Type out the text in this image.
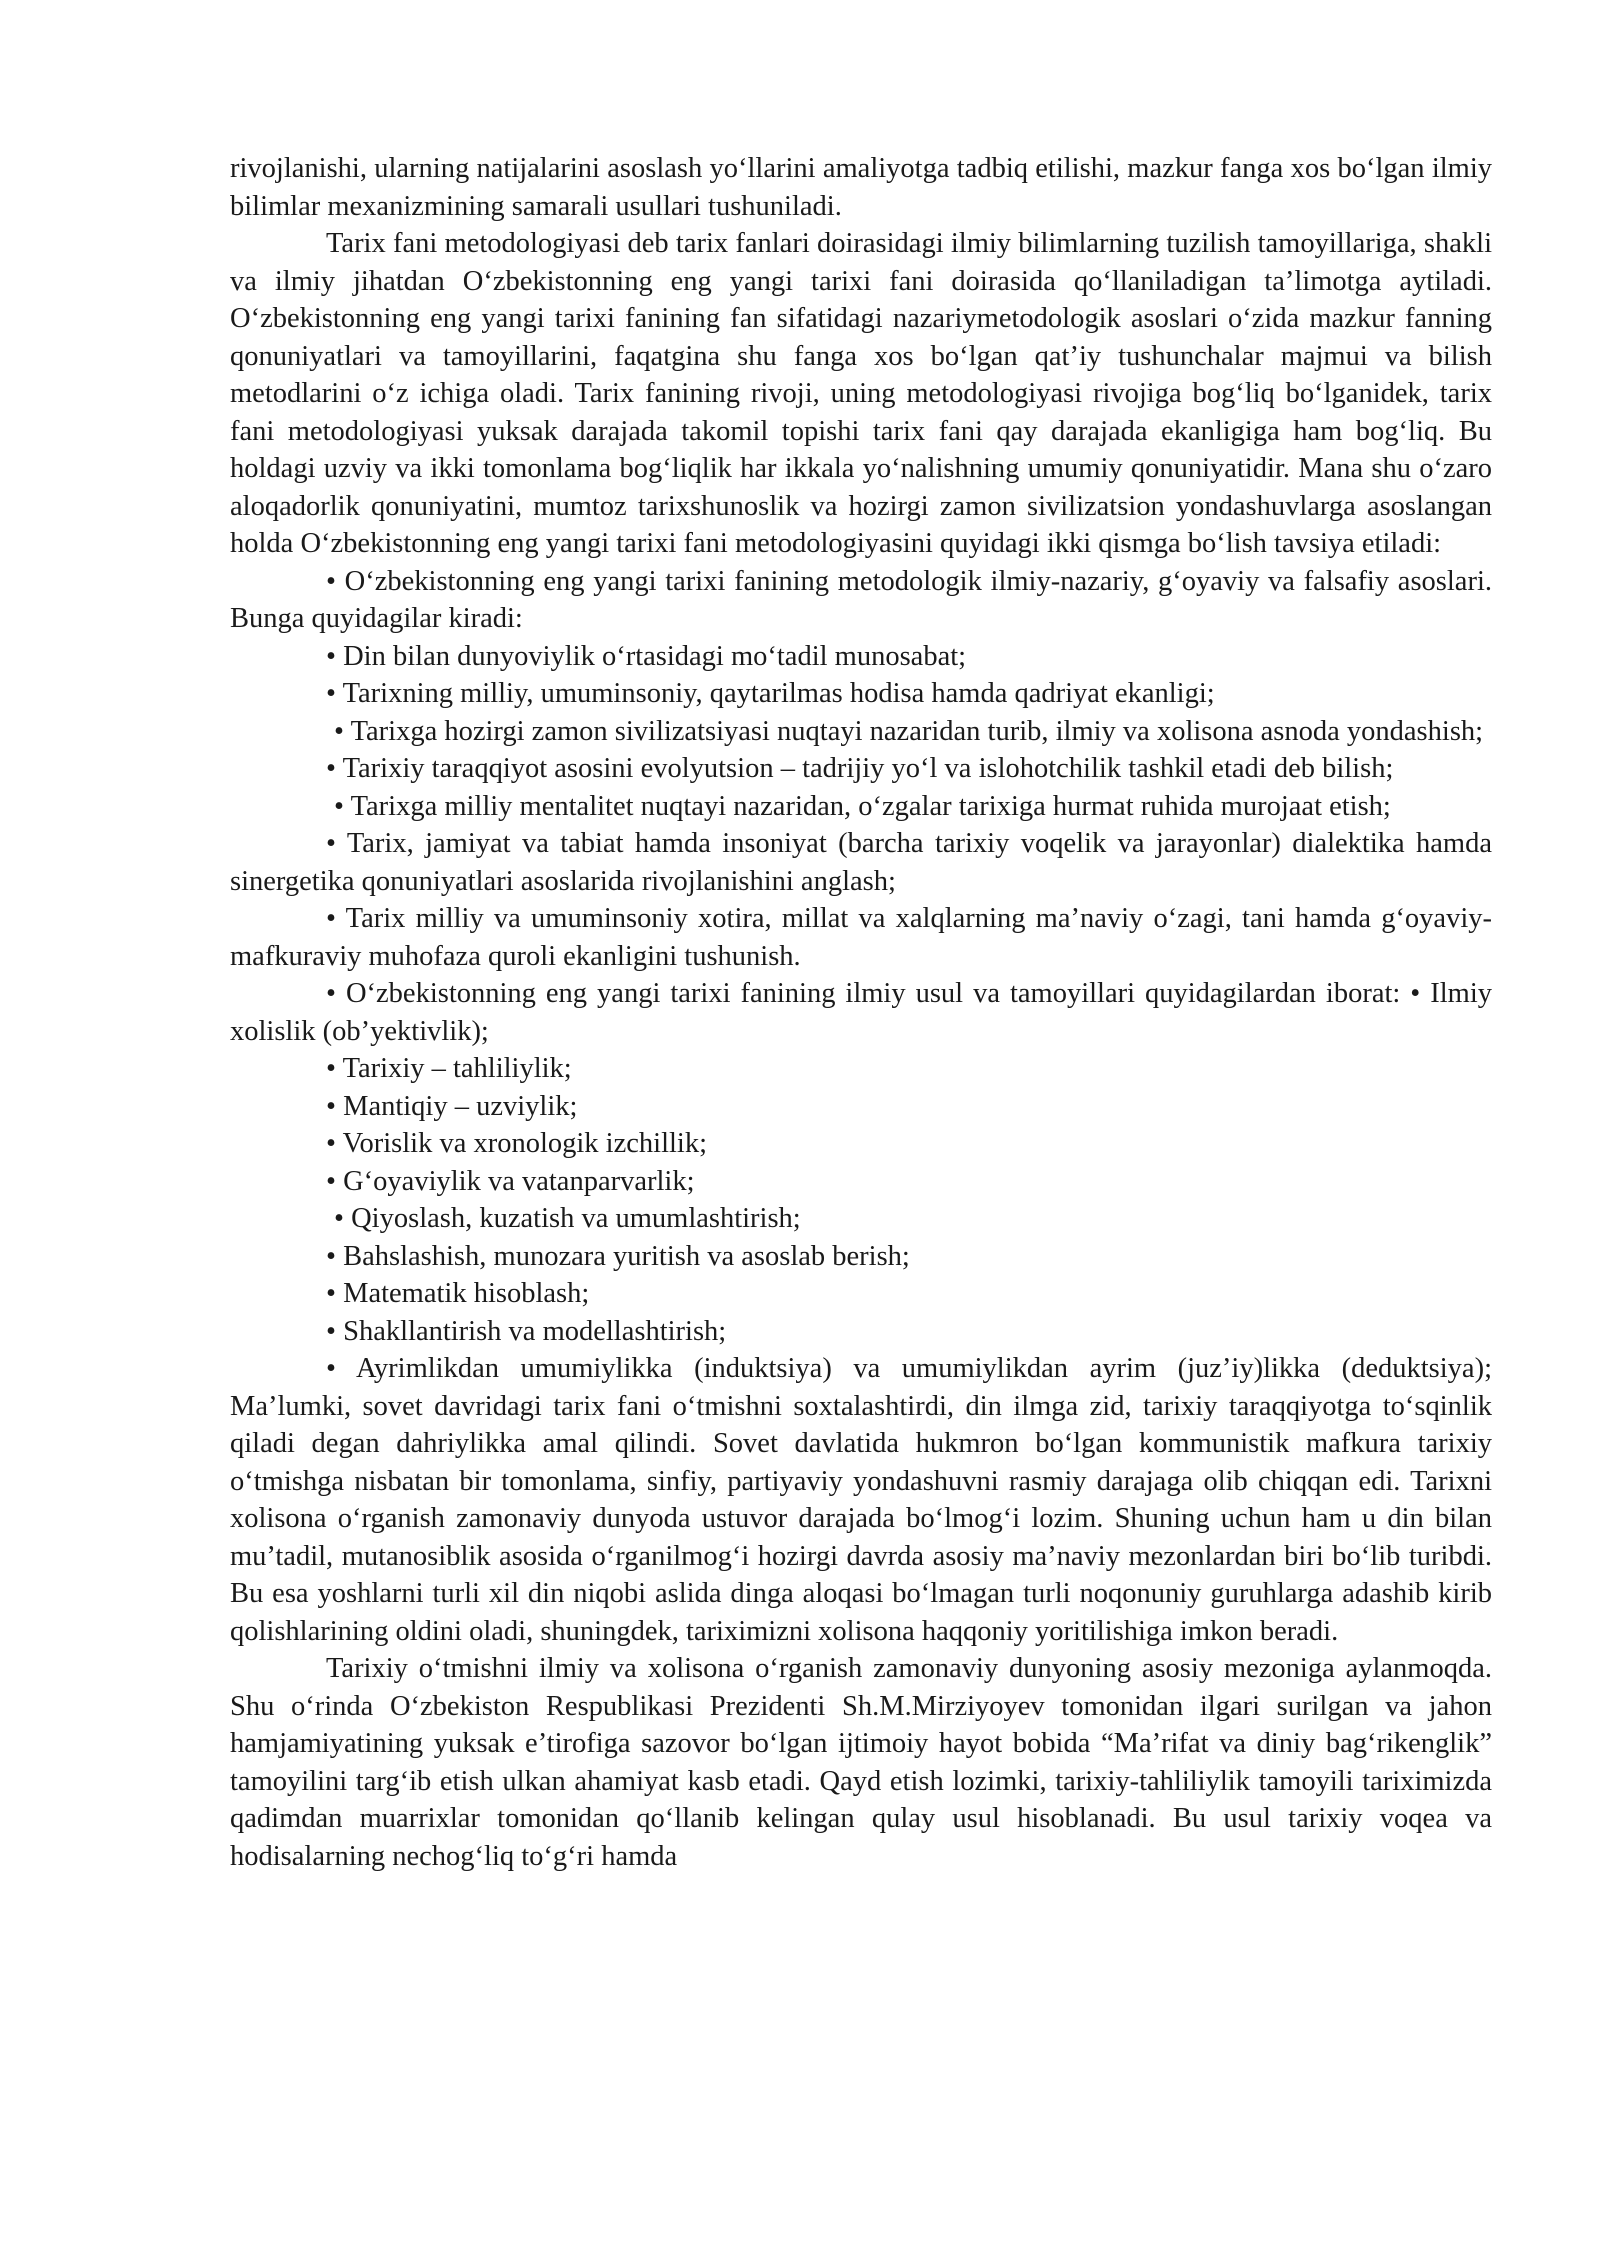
rivojlanishi, ularning natijalarini asoslash yo‘llarini amaliyotga tadbiq etilishi, mazkur fanga xos bo‘lgan ilmiy bilimlar mexanizmining samarali usullari tushuniladi.

Tarix fani metodologiyasi deb tarix fanlari doirasidagi ilmiy bilimlarning tuzilish tamoyillariga, shakli va ilmiy jihatdan O‘zbekistonning eng yangi tarixi fani doirasida qo‘llaniladigan ta’limotga aytiladi. O‘zbekistonning eng yangi tarixi fanining fan sifatidagi nazariymetodologik asoslari o‘zida mazkur fanning qonuniyatlari va tamoyillarini, faqatgina shu fanga xos bo‘lgan qat’iy tushunchalar majmui va bilish metodlarini o‘z ichiga oladi. Tarix fanining rivoji, uning metodologiyasi rivojiga bog‘liq bo‘lganidek, tarix fani metodologiyasi yuksak darajada takomil topishi tarix fani qay darajada ekanligiga ham bog‘liq. Bu holdagi uzviy va ikki tomonlama bog‘liqlik har ikkala yo‘nalishning umumiy qonuniyatidir. Mana shu o‘zaro aloqadorlik qonuniyatini, mumtoz tarixshunoslik va hozirgi zamon sivilizatsion yondashuvlarga asoslangan holda O‘zbekistonning eng yangi tarixi fani metodologiyasini quyidagi ikki qismga bo‘lish tavsiya etiladi:

• O‘zbekistonning eng yangi tarixi fanining metodologik ilmiy-nazariy, g‘oyaviy va falsafiy asoslari. Bunga quyidagilar kiradi:

• Din bilan dunyoviylik o‘rtasidagi mo‘tadil munosabat;

• Tarixning milliy, umuminsoniy, qaytarilmas hodisa hamda qadriyat ekanligi;

• Tarixga hozirgi zamon sivilizatsiyasi nuqtayi nazaridan turib, ilmiy va xolisona asnoda yondashish;

• Tarixiy taraqqiyot asosini evolyutsion – tadrijiy yo‘l va islohotchilik tashkil etadi deb bilish;

• Tarixga milliy mentalitet nuqtayi nazaridan, o‘zgalar tarixiga hurmat ruhida murojaat etish;

• Tarix, jamiyat va tabiat hamda insoniyat (barcha tarixiy voqelik va jarayonlar) dialektika hamda sinergetika qonuniyatlari asoslarida rivojlanishini anglash;

• Tarix milliy va umuminsoniy xotira, millat va xalqlarning ma’naviy o‘zagi, tani hamda g‘oyaviy-mafkuraviy muhofaza quroli ekanligini tushunish.

• O‘zbekistonning eng yangi tarixi fanining ilmiy usul va tamoyillari quyidagilardan iborat: • Ilmiy xolislik (ob’yektivlik);

• Tarixiy – tahliliylik;

• Mantiqiy – uzviylik;

• Vorislik va xronologik izchillik;

• G‘oyaviylik va vatanparvarlik;

• Qiyoslash, kuzatish va umumlashtirish;

• Bahslashish, munozara yuritish va asoslab berish;

• Matematik hisoblash;

• Shakllantirish va modellashtirish;

• Ayrimlikdan umumiylikka (induktsiya) va umumiylikdan ayrim (juz’iy)likka (deduktsiya); Ma’lumki, sovet davridagi tarix fani o‘tmishni soxtalashtirdi, din ilmga zid, tarixiy taraqqiyotga to‘sqinlik qiladi degan dahriylikka amal qilindi. Sovet davlatida hukmron bo‘lgan kommunistik mafkura tarixiy o‘tmishga nisbatan bir tomonlama, sinfiy, partiyaviy yondashuvni rasmiy darajaga olib chiqqan edi. Tarixni xolisona o‘rganish zamonaviy dunyoda ustuvor darajada bo‘lmog‘i lozim. Shuning uchun ham u din bilan mu’tadil, mutanosiblik asosida o‘rganilmog‘i hozirgi davrda asosiy ma’naviy mezonlardan biri bo‘lib turibdi. Bu esa yoshlarni turli xil din niqobi aslida dinga aloqasi bo‘lmagan turli noqonuniy guruhlarga adashib kirib qolishlarining oldini oladi, shuningdek, tariximizni xolisona haqqoniy yoritilishiga imkon beradi.

Tarixiy o‘tmishni ilmiy va xolisona o‘rganish zamonaviy dunyoning asosiy mezoniga aylanmoqda. Shu o‘rinda O‘zbekiston Respublikasi Prezidenti Sh.M.Mirziyoyev tomonidan ilgari surilgan va jahon hamjamiyatining yuksak e’tirofiga sazovor bo‘lgan ijtimoiy hayot bobida “Ma’rifat va diniy bag‘rikenglik” tamoyilini targ‘ib etish ulkan ahamiyat kasb etadi. Qayd etish lozimki, tarixiy-tahliliylik tamoyili tariximizda qadimdan muarrixlar tomonidan qo‘llanib kelingan qulay usul hisoblanadi. Bu usul tarixiy voqea va hodisalarning nechog‘liq to‘g‘ri hamda
